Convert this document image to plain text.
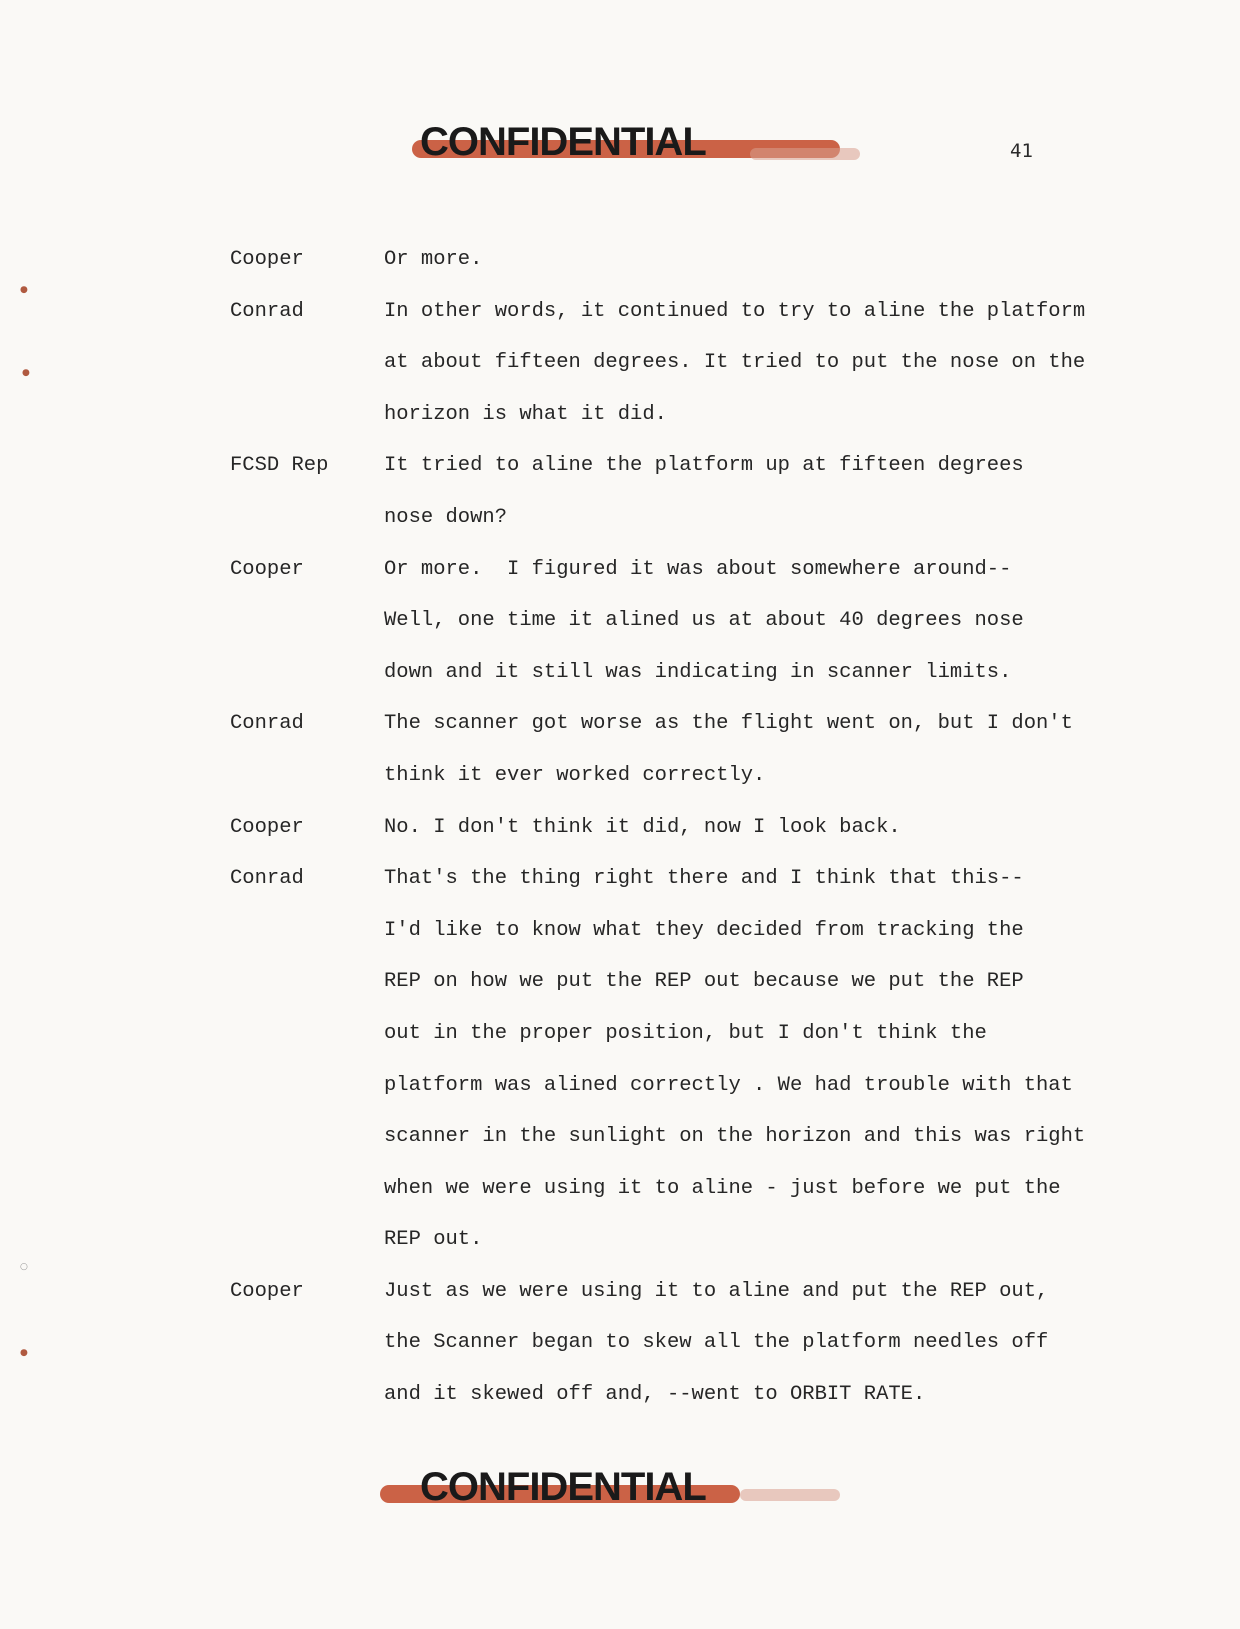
CONFIDENTIAL	41
Cooper	Or more.
Conrad	In other words, it continued to try to aline the platform
at about fifteen degrees. It tried to put the nose on the
horizon is what it did.
FCSD Rep	It tried to aline the platform up at fifteen degrees
nose down?
Cooper	Or more.  I figured it was about somewhere around--
Well, one time it alined us at about 40 degrees nose
down and it still was indicating in scanner limits.
Conrad	The scanner got worse as the flight went on, but I don't
think it ever worked correctly.
Cooper	No. I don't think it did, now I look back.
Conrad	That's the thing right there and I think that this--
I'd like to know what they decided from tracking the
REP on how we put the REP out because we put the REP
out in the proper position, but I don't think the
platform was alined correctly . We had trouble with that
scanner in the sunlight on the horizon and this was right
when we were using it to aline - just before we put the
REP out.
Cooper	Just as we were using it to aline and put the REP out,
the Scanner began to skew all the platform needles off
and it skewed off and, --went to ORBIT RATE.
CONFIDENTIAL
●
●
○
●
